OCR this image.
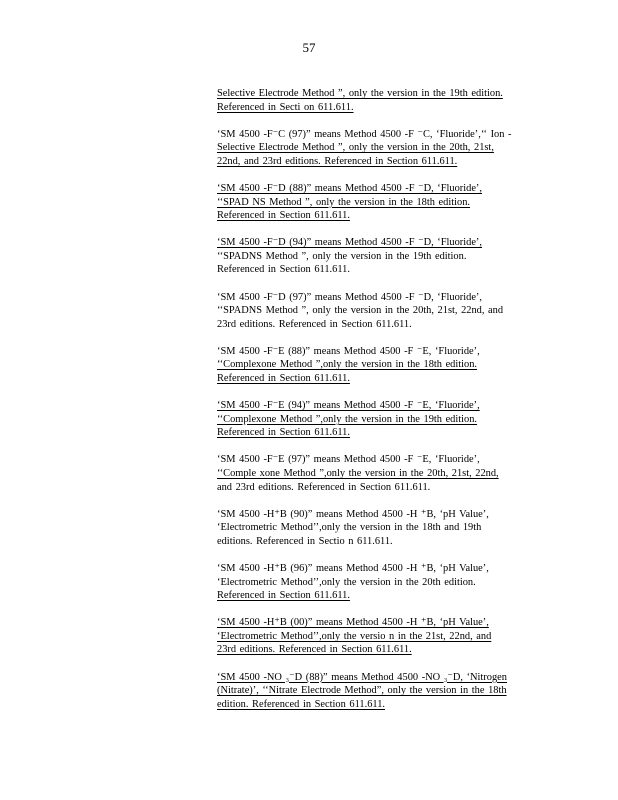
57
Selective Electrode Method ”, only the version in the 19th edition.
Referenced in Secti on 611.611.
‘SM 4500 -F⁻C (97)” means Method 4500 -F ⁻C, ‘Fluoride’,‘‘ Ion -
Selective Electrode Method ”, only the version in the 20th, 21st,
22nd, and 23rd editions. Referenced in Section 611.611.
‘SM 4500 -F⁻D (88)” means Method 4500 -F ⁻D, ‘Fluoride’,
‘‘SPAD NS Method ”, only the version in the 18th edition.
Referenced in Section 611.611.
‘SM 4500 -F⁻D (94)” means Method 4500 -F ⁻D, ‘Fluoride’,
‘‘SPADNS Method ”, only the version in the 19th edition.
Referenced in Section 611.611.
‘SM 4500 -F⁻D (97)” means Method 4500 -F ⁻D, ‘Fluoride’,
‘‘SPADNS Method ”, only the version in the 20th, 21st, 22nd, and
23rd editions. Referenced in Section 611.611.
‘SM 4500 -F⁻E (88)” means Method 4500 -F ⁻E, ‘Fluoride’,
‘‘Complexone Method ”,only the version in the 18th edition.
Referenced in Section 611.611.
‘SM 4500 -F⁻E (94)” means Method 4500 -F ⁻E, ‘Fluoride’,
‘‘Complexone Method ”,only the version in the 19th edition.
Referenced in Section 611.611.
‘SM 4500 -F⁻E (97)” means Method 4500 -F ⁻E, ‘Fluoride’,
‘‘Comple xone Method ”,only the version in the 20th, 21st, 22nd,
and 23rd editions. Referenced in Section 611.611.
‘SM 4500 -H⁺B (90)” means Method 4500 -H ⁺B, ‘pH Value’,
‘Electrometric Method’’,only the version in the 18th and 19th
editions. Referenced in Sectio n 611.611.
‘SM 4500 -H⁺B (96)” means Method 4500 -H ⁺B, ‘pH Value’,
‘Electrometric Method’’,only the version in the 20th edition.
Referenced in Section 611.611.
‘SM 4500 -H⁺B (00)” means Method 4500 -H ⁺B, ‘pH Value’,
‘Electrometric Method’’,only the versio n in the 21st, 22nd, and
23rd editions. Referenced in Section 611.611.
‘SM 4500 -NO ₃⁻D (88)” means Method 4500 -NO ₃⁻D, ‘Nitrogen
(Nitrate)’, ‘‘Nitrate Electrode Method”, only the version in the 18th
edition. Referenced in Section 611.611.
